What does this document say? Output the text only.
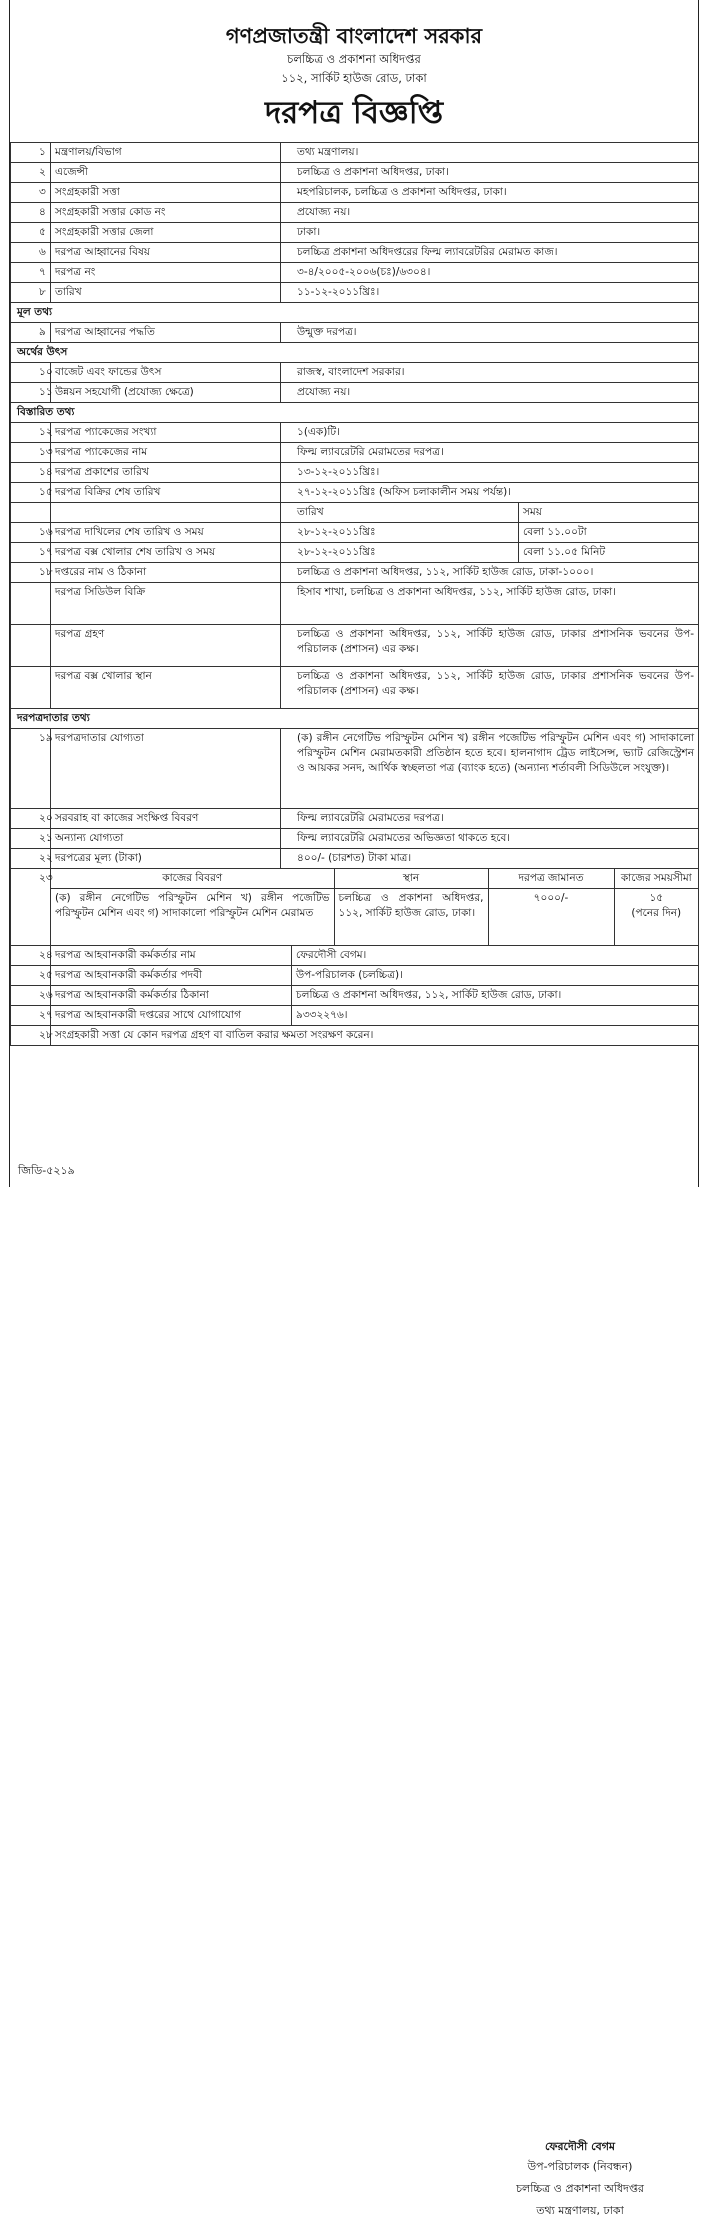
গণপ্রজাতন্ত্রী বাংলাদেশ সরকার
চলচ্চিত্র ও প্রকাশনা অধিদপ্তর
১১২, সার্কিট হাউজ রোড, ঢাকা
দরপত্র বিজ্ঞপ্তি
১	মন্ত্রণালয়/বিভাগ	তথ্য মন্ত্রণালয়।
২	এজেন্সী	চলচ্চিত্র ও প্রকাশনা অধিদপ্তর, ঢাকা।
৩	সংগ্রহকারী সত্তা	মহপরিচালক, চলচ্চিত্র ও প্রকাশনা অধিদপ্তর, ঢাকা।
৪	সংগ্রহকারী সত্তার কোড নং	প্রযোজ্য নয়।
৫	সংগ্রহকারী সত্তার জেলা	ঢাকা।
৬	দরপত্র আহ্বানের বিষয়	চলচ্চিত্র প্রকাশনা অধিদপ্তরের ফিল্ম ল্যাবরেটরির মেরামত কাজ।
৭	দরপত্র নং	৩-৪/২০০৫-২০০৬(চঃ)/৬৩০৪।
৮	তারিখ	১১-১২-২০১১খ্রিঃ।
মূল তথ্য
৯	দরপত্র আহ্বানের পদ্ধতি	উন্মুক্ত দরপত্র।
অর্থের উৎস
১০	বাজেট এবং ফান্ডের উৎস	রাজস্ব, বাংলাদেশ সরকার।
১১	উন্নয়ন সহযোগী (প্রযোজ্য ক্ষেত্রে)	প্রযোজ্য নয়।
বিস্তারিত তথ্য
১২	দরপত্র প্যাকেজের সংখ্যা	১(এক)টি।
১৩	দরপত্র প্যাকেজের নাম	ফিল্ম ল্যাবরেটরি মেরামতের দরপত্র।
১৪	দরপত্র প্রকাশের তারিখ	১৩-১২-২০১১খ্রিঃ।
১৫	দরপত্র বিক্রির শেষ তারিখ	২৭-১২-২০১১খ্রিঃ (অফিস চলাকালীন সময় পর্যন্ত)।
		তারিখ	সময়
১৬	দরপত্র দাখিলের শেষ তারিখ ও সময়	২৮-১২-২০১১খ্রিঃ	বেলা ১১.০০টা
১৭	দরপত্র বক্স খোলার শেষ তারিখ ও সময়	২৮-১২-২০১১খ্রিঃ	বেলা ১১.০৫ মিনিট
১৮	দপ্তরের নাম ও ঠিকানা	চলচ্চিত্র ও প্রকাশনা অধিদপ্তর, ১১২, সার্কিট হাউজ রোড, ঢাকা-১০০০।
	দরপত্র সিডিউল বিক্রি	হিসাব শাখা, চলচ্চিত্র ও প্রকাশনা অধিদপ্তর, ১১২, সার্কিট হাউজ রোড, ঢাকা।
	দরপত্র গ্রহণ	চলচ্চিত্র ও প্রকাশনা অধিদপ্তর, ১১২, সার্কিট হাউজ রোড, ঢাকার প্রশাসনিক ভবনের উপ-পরিচালক (প্রশাসন) এর কক্ষ।
	দরপত্র বক্স খোলার স্থান	চলচ্চিত্র ও প্রকাশনা অধিদপ্তর, ১১২, সার্কিট হাউজ রোড, ঢাকার প্রশাসনিক ভবনের উপ-পরিচালক (প্রশাসন) এর কক্ষ।
দরপত্রদাতার তথ্য
১৯	দরপত্রদাতার যোগ্যতা	(ক) রঙ্গীন নেগেটিভ পরিস্ফুটন মেশিন খ) রঙ্গীন পজেটিভ পরিস্ফুটন মেশিন এবং গ) সাদাকালো পরিস্ফুটন মেশিন মেরামতকারী প্রতিষ্ঠান হতে হবে। হালনাগাদ ট্রেড লাইসেন্স, ভ্যাট রেজিস্ট্রেশন ও আয়কর সনদ, আর্থিক স্বচ্ছলতা পত্র (ব্যাংক হতে) (অন্যান্য শর্তাবলী সিডিউলে সংযুক্ত)।
২০	সরবরাহ বা কাজের সংক্ষিপ্ত বিবরণ	ফিল্ম ল্যাবরেটরি মেরামতের দরপত্র।
২১	অন্যান্য যোগ্যতা	ফিল্ম ল্যাবরেটরি মেরামতের অভিজ্ঞতা থাকতে হবে।
২২	দরপত্রের মূল্য (টাকা)	৪০০/- (চারশত) টাকা মাত্র।
২৩		কাজের বিবরণ	স্থান	দরপত্র জামানত	কাজের সময়সীমা
(ক) রঙ্গীন নেগেটিভ পরিস্ফুটন মেশিন খ) রঙ্গীন পজেটিভ পরিস্ফুটন মেশিন এবং গ) সাদাকালো পরিস্ফুটন মেশিন মেরামত	চলচ্চিত্র ও প্রকাশনা অধিদপ্তর, ১১২, সার্কিট হাউজ রোড, ঢাকা।	৭০০০/-	১৫
(পনের দিন)

২৪	দরপত্র আহবানকারী কর্মকর্তার নাম	ফেরদৌসী বেগম।
২৫	দরপত্র আহবানকারী কর্মকর্তার পদবী	উপ-পরিচালক (চলচ্চিত্র)।
২৬	দরপত্র আহবানকারী কর্মকর্তার ঠিকানা	চলচ্চিত্র ও প্রকাশনা অধিদপ্তর, ১১২, সার্কিট হাউজ রোড, ঢাকা।
২৭	দরপত্র আহবানকারী দপ্তরের সাথে যোগাযোগ	৯৩৩২২৭৬।
২৮	সংগ্রহকারী সত্তা যে কোন দরপত্র গ্রহণ বা বাতিল করার ক্ষমতা সংরক্ষণ করেন।
ফেরদৌসী বেগম
উপ-পরিচালক (নিবন্ধন)
চলচ্চিত্র ও প্রকাশনা অধিদপ্তর
তথ্য মন্ত্রণালয়, ঢাকা
জিডি-৫২১৯
